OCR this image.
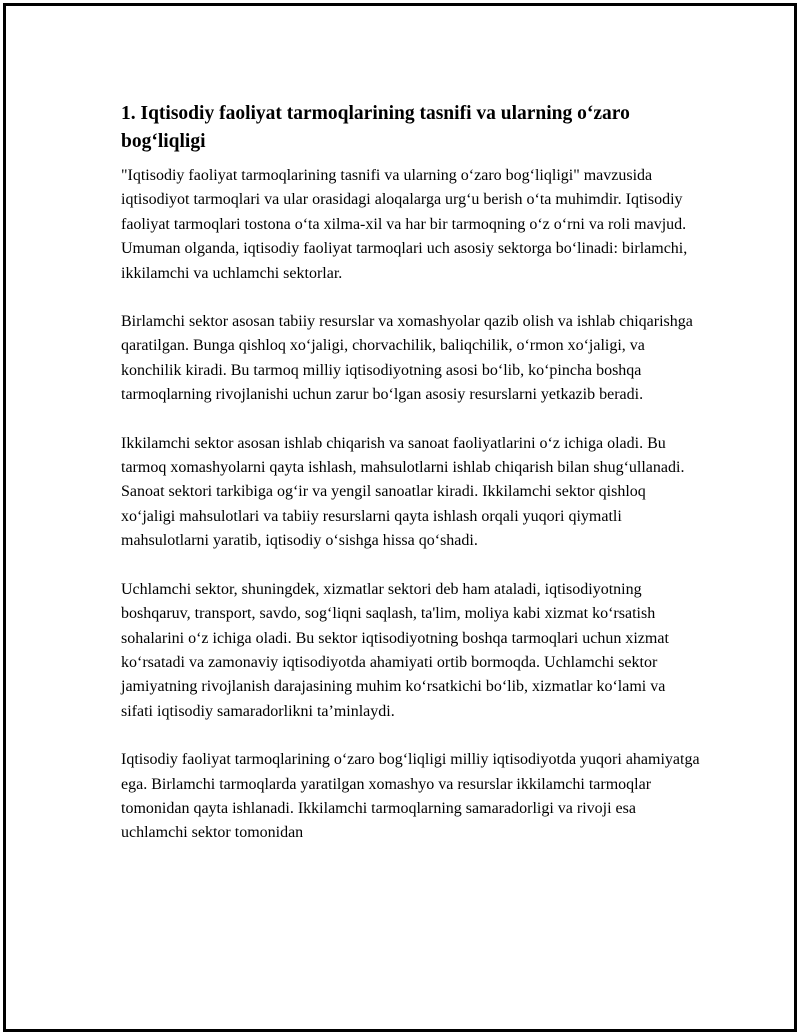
1. Iqtisodiy faoliyat tarmoqlarining tasnifi va ularning o‘zaro bog‘liqligi

"Iqtisodiy faoliyat tarmoqlarining tasnifi va ularning o‘zaro bog‘liqligi" mavzusida iqtisodiyot tarmoqlari va ular orasidagi aloqalarga urg‘u berish o‘ta muhimdir. Iqtisodiy faoliyat tarmoqlari tostona o‘ta xilma-xil va har bir tarmoqning o‘z o‘rni va roli mavjud. Umuman olganda, iqtisodiy faoliyat tarmoqlari uch asosiy sektorga bo‘linadi: birlamchi, ikkilamchi va uchlamchi sektorlar.

Birlamchi sektor asosan tabiiy resurslar va xomashyolar qazib olish va ishlab chiqarishga qaratilgan. Bunga qishloq xo‘jaligi, chorvachilik, baliqchilik, o‘rmon xo‘jaligi, va konchilik kiradi. Bu tarmoq milliy iqtisodiyotning asosi bo‘lib, ko‘pincha boshqa tarmoqlarning rivojlanishi uchun zarur bo‘lgan asosiy resurslarni yetkazib beradi.

Ikkilamchi sektor asosan ishlab chiqarish va sanoat faoliyatlarini o‘z ichiga oladi. Bu tarmoq xomashyolarni qayta ishlash, mahsulotlarni ishlab chiqarish bilan shug‘ullanadi. Sanoat sektori tarkibiga og‘ir va yengil sanoatlar kiradi. Ikkilamchi sektor qishloq xo‘jaligi mahsulotlari va tabiiy resurslarni qayta ishlash orqali yuqori qiymatli mahsulotlarni yaratib, iqtisodiy o‘sishga hissa qo‘shadi.

Uchlamchi sektor, shuningdek, xizmatlar sektori deb ham ataladi, iqtisodiyotning boshqaruv, transport, savdo, sog‘liqni saqlash, ta'lim, moliya kabi xizmat ko‘rsatish sohalarini o‘z ichiga oladi. Bu sektor iqtisodiyotning boshqa tarmoqlari uchun xizmat ko‘rsatadi va zamonaviy iqtisodiyotda ahamiyati ortib bormoqda. Uchlamchi sektor jamiyatning rivojlanish darajasining muhim ko‘rsatkichi bo‘lib, xizmatlar ko‘lami va sifati iqtisodiy samaradorlikni ta’minlaydi.

Iqtisodiy faoliyat tarmoqlarining o‘zaro bog‘liqligi milliy iqtisodiyotda yuqori ahamiyatga ega. Birlamchi tarmoqlarda yaratilgan xomashyo va resurslar ikkilamchi tarmoqlar tomonidan qayta ishlanadi. Ikkilamchi tarmoqlarning samaradorligi va rivoji esa uchlamchi sektor tomonidan
